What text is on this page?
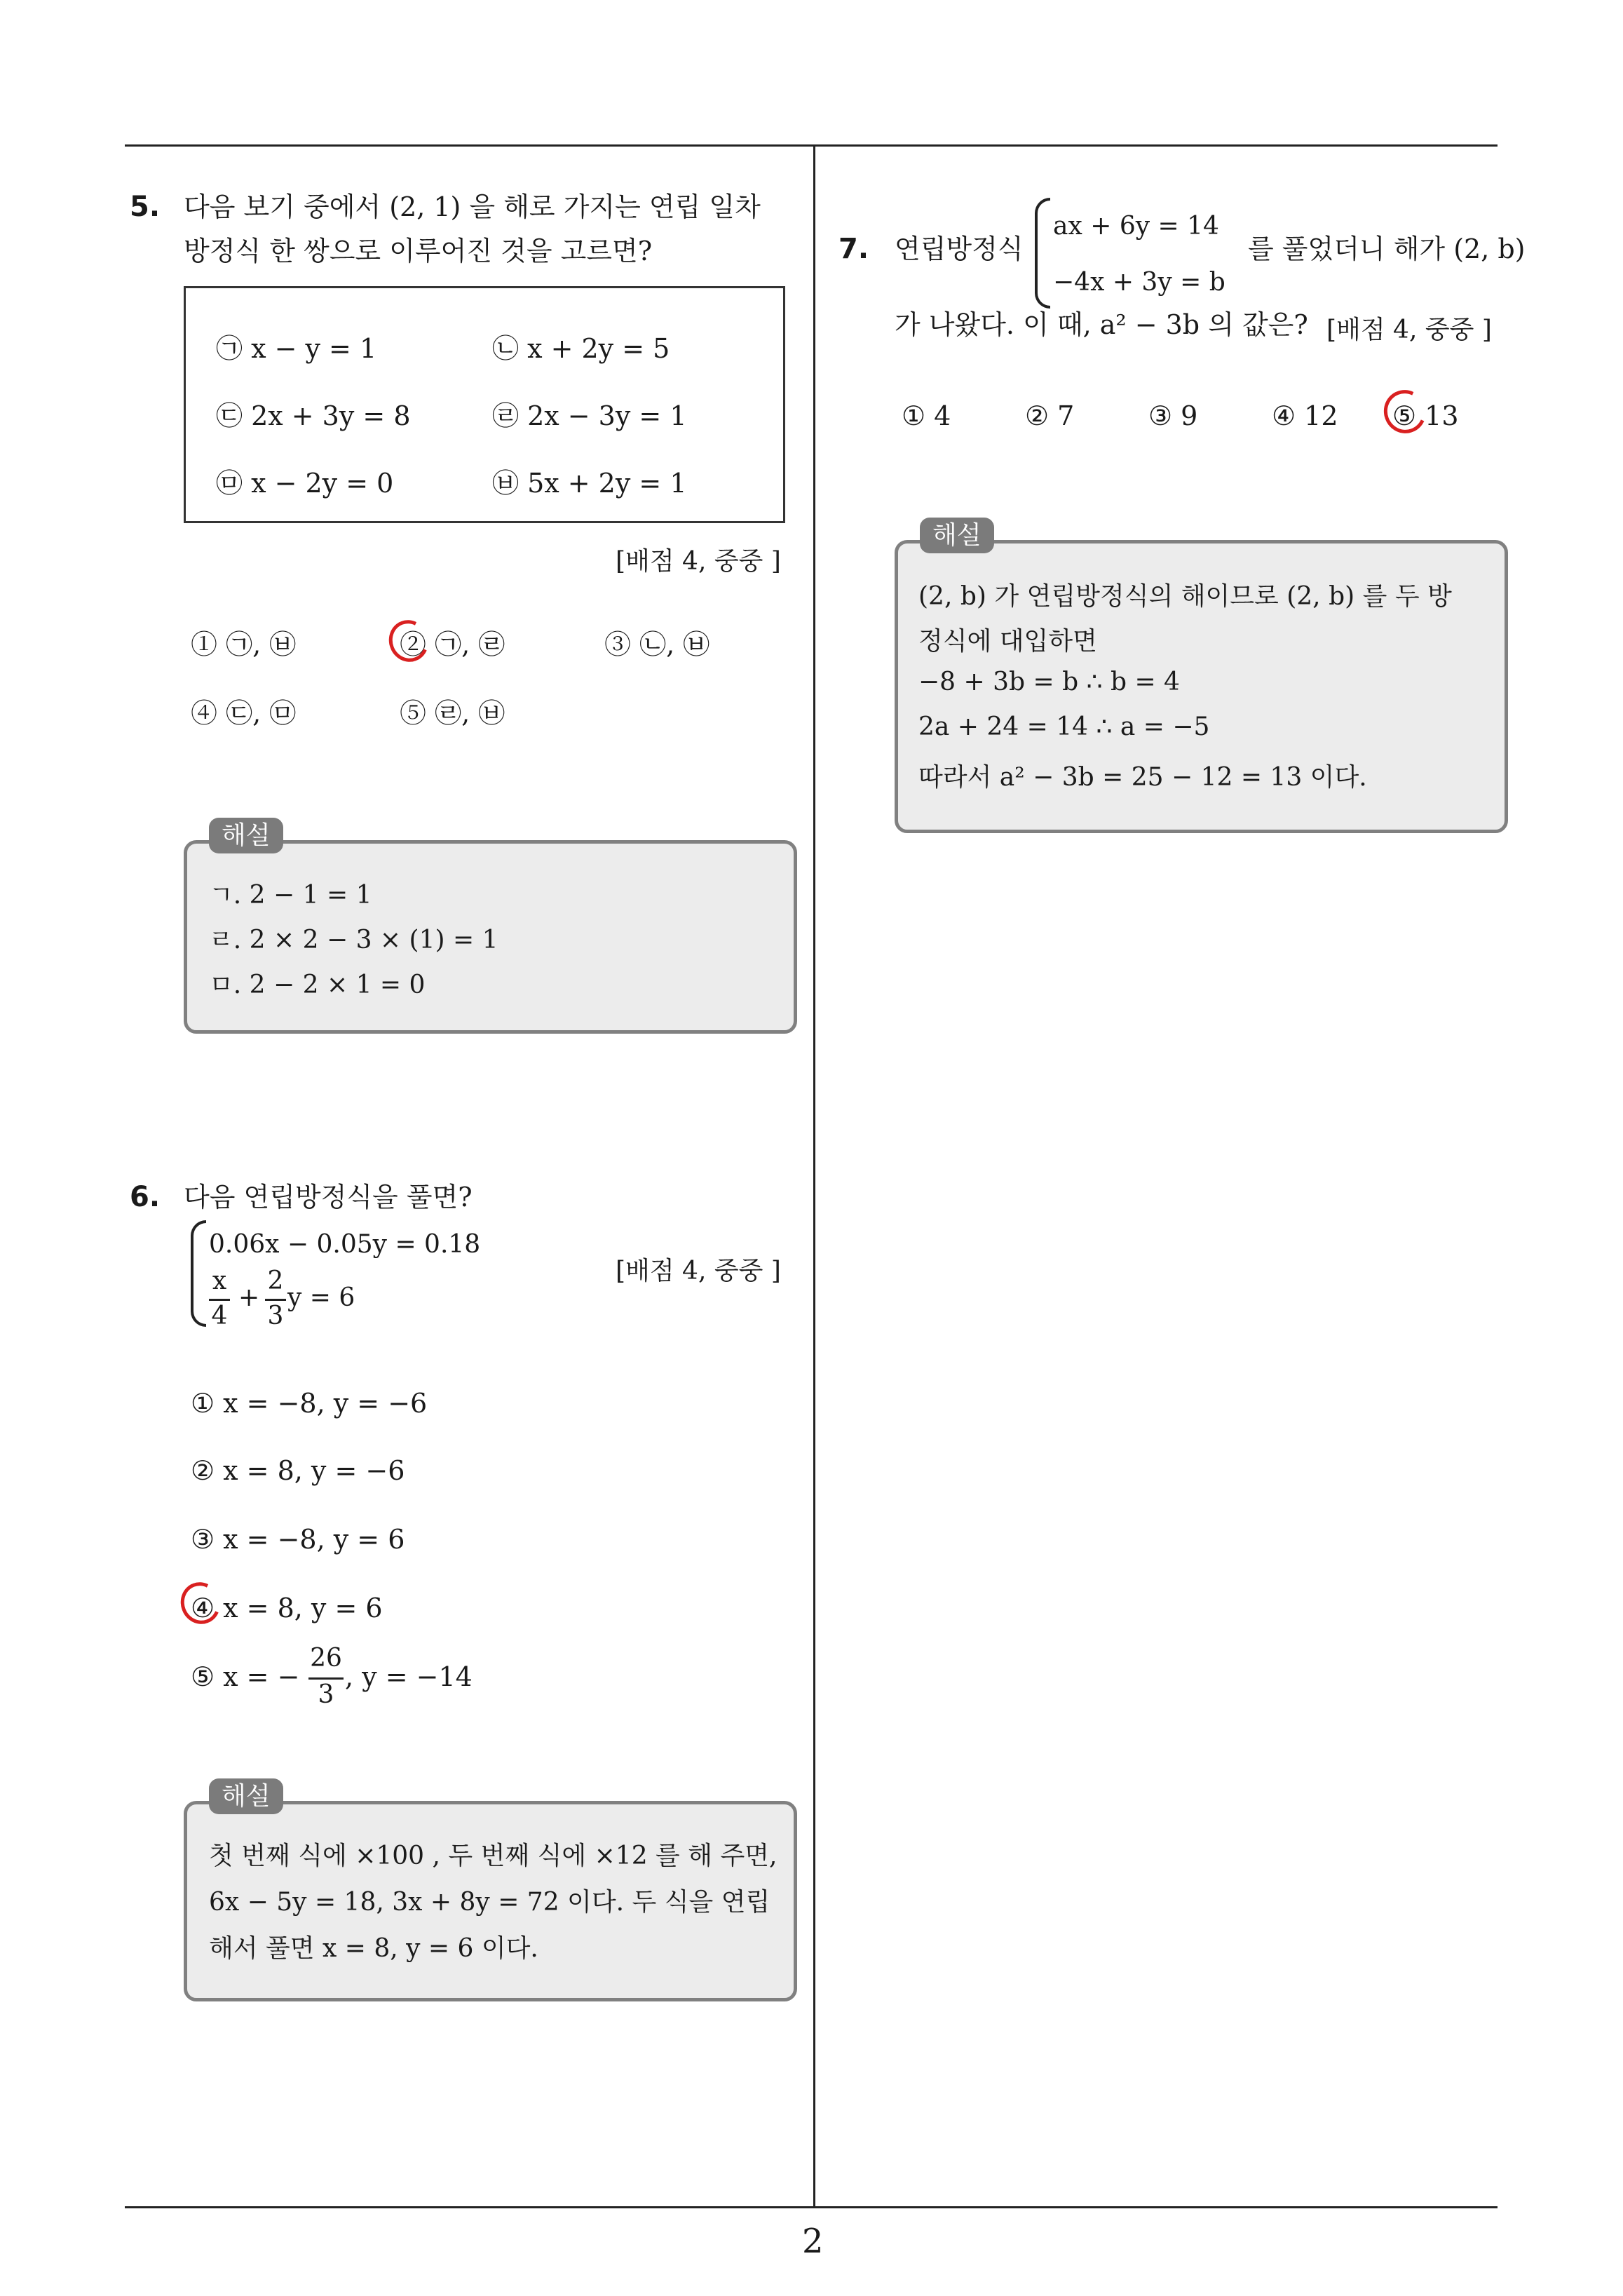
5. 다음 보기 중에서 (2, 1) 을 해로 가지는 연립 일차
방정식 한 쌍으로 이루어진 것을 고르면?
㉠ x − y = 1	㉡ x + 2y = 5
㉢ 2x + 3y = 8	㉣ 2x − 3y = 1
㉤ x − 2y = 0	㉥ 5x + 2y = 1
[배점 4, 중중 ]
① ㉠, ㉥	② ㉠, ㉣	③ ㉡, ㉥
④ ㉢, ㉤	⑤ ㉣, ㉥
해설
ㄱ. 2 − 1 = 1
ㄹ. 2 × 2 − 3 × (1) = 1
ㅁ. 2 − 2 × 1 = 0
6. 다음 연립방정식을 풀면?
0.06x − 0.05y = 0.18
x
4
+
2
3
y = 6
[배점 4, 중중 ]
① x = −8, y = −6
② x = 8, y = −6
③ x = −8, y = 6
④ x = 8, y = 6
⑤ x = −
26
3
, y = −14
해설
첫 번째 식에 ×100 , 두 번째 식에 ×12 를 해 주면,
6x − 5y = 18, 3x + 8y = 72 이다. 두 식을 연립
해서 풀면 x = 8, y = 6 이다.
7. 연립방정식
ax + 6y = 14
−4x + 3y = b
를 풀었더니 해가 (2, b)
가 나왔다. 이 때, a² − 3b 의 값은? [배점 4, 중중 ]
① 4	② 7	③ 9	④ 12 ⑤ 13
해설
(2, b) 가 연립방정식의 해이므로 (2, b) 를 두 방
정식에 대입하면
−8 + 3b = b ∴ b = 4
2a + 24 = 14 ∴ a = −5
따라서 a² − 3b = 25 − 12 = 13 이다.
2
